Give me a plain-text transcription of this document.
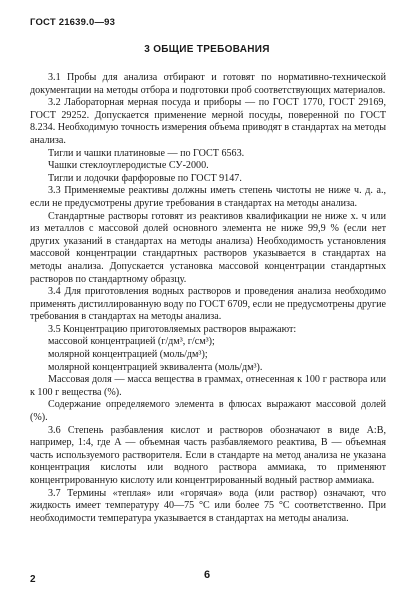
ГОСТ 21639.0—93
3 ОБЩИЕ ТРЕБОВАНИЯ

3.1 Пробы для анализа отбирают и готовят по нормативно-технической документации на методы отбора и подготовки проб соответствующих материалов.

3.2 Лабораторная мерная посуда и приборы — по ГОСТ 1770, ГОСТ 29169, ГОСТ 29252. Допускается применение мерной посуды, поверенной по ГОСТ 8.234. Необходимую точность измерения объема приводят в стандартах на методы анализа.

Тигли и чашки платиновые — по ГОСТ 6563.

Чашки стеклоуглеродистые СУ-2000.

Тигли и лодочки фарфоровые по ГОСТ 9147.

3.3 Применяемые реактивы должны иметь степень чистоты не ниже ч. д. а., если не предусмотрены другие требования в стандартах на методы анализа.

Стандартные растворы готовят из реактивов квалификации не ниже х. ч или из металлов с массовой долей основного элемента не ниже 99,9 % (если нет других указаний в стандартах на методы анализа) Необходимость установления массовой концентрации стандартных растворов указывается в стандартах на методы анализа. Допускается установка массовой концентрации стандартных растворов по стандартному образцу.

3.4 Для приготовления водных растворов и проведения анализа необходимо применять дистиллированную воду по ГОСТ 6709, если не предусмотрены другие требования в стандартах на методы анализа.

3.5 Концентрацию приготовляемых растворов выражают:

массовой концентрацией (г/дм³, г/см³);

молярной концентрацией (моль/дм³);

молярной концентрацией эквивалента (моль/дм³).

Массовая доля — масса вещества в граммах, отнесенная к 100 г раствора или к 100 г вещества (%).

Содержание определяемого элемента в флюсах выражают массовой долей (%).

3.6 Степень разбавления кислот и растворов обозначают в виде А:В, например, 1:4, где А — объемная часть разбавляемого реактива, В — объемная часть используемого растворителя. Если в стандарте на метод анализа не указана концентрация кислоты или водного раствора аммиака, то применяют концентрированную кислоту или концентрированный водный раствор аммиака.

3.7 Термины «теплая» или «горячая» вода (или раствор) означают, что жидкость имеет температуру 40—75 °С или более 75 °С соответственно. При необходимости температура указывается в стандартах на методы анализа.

2	6
